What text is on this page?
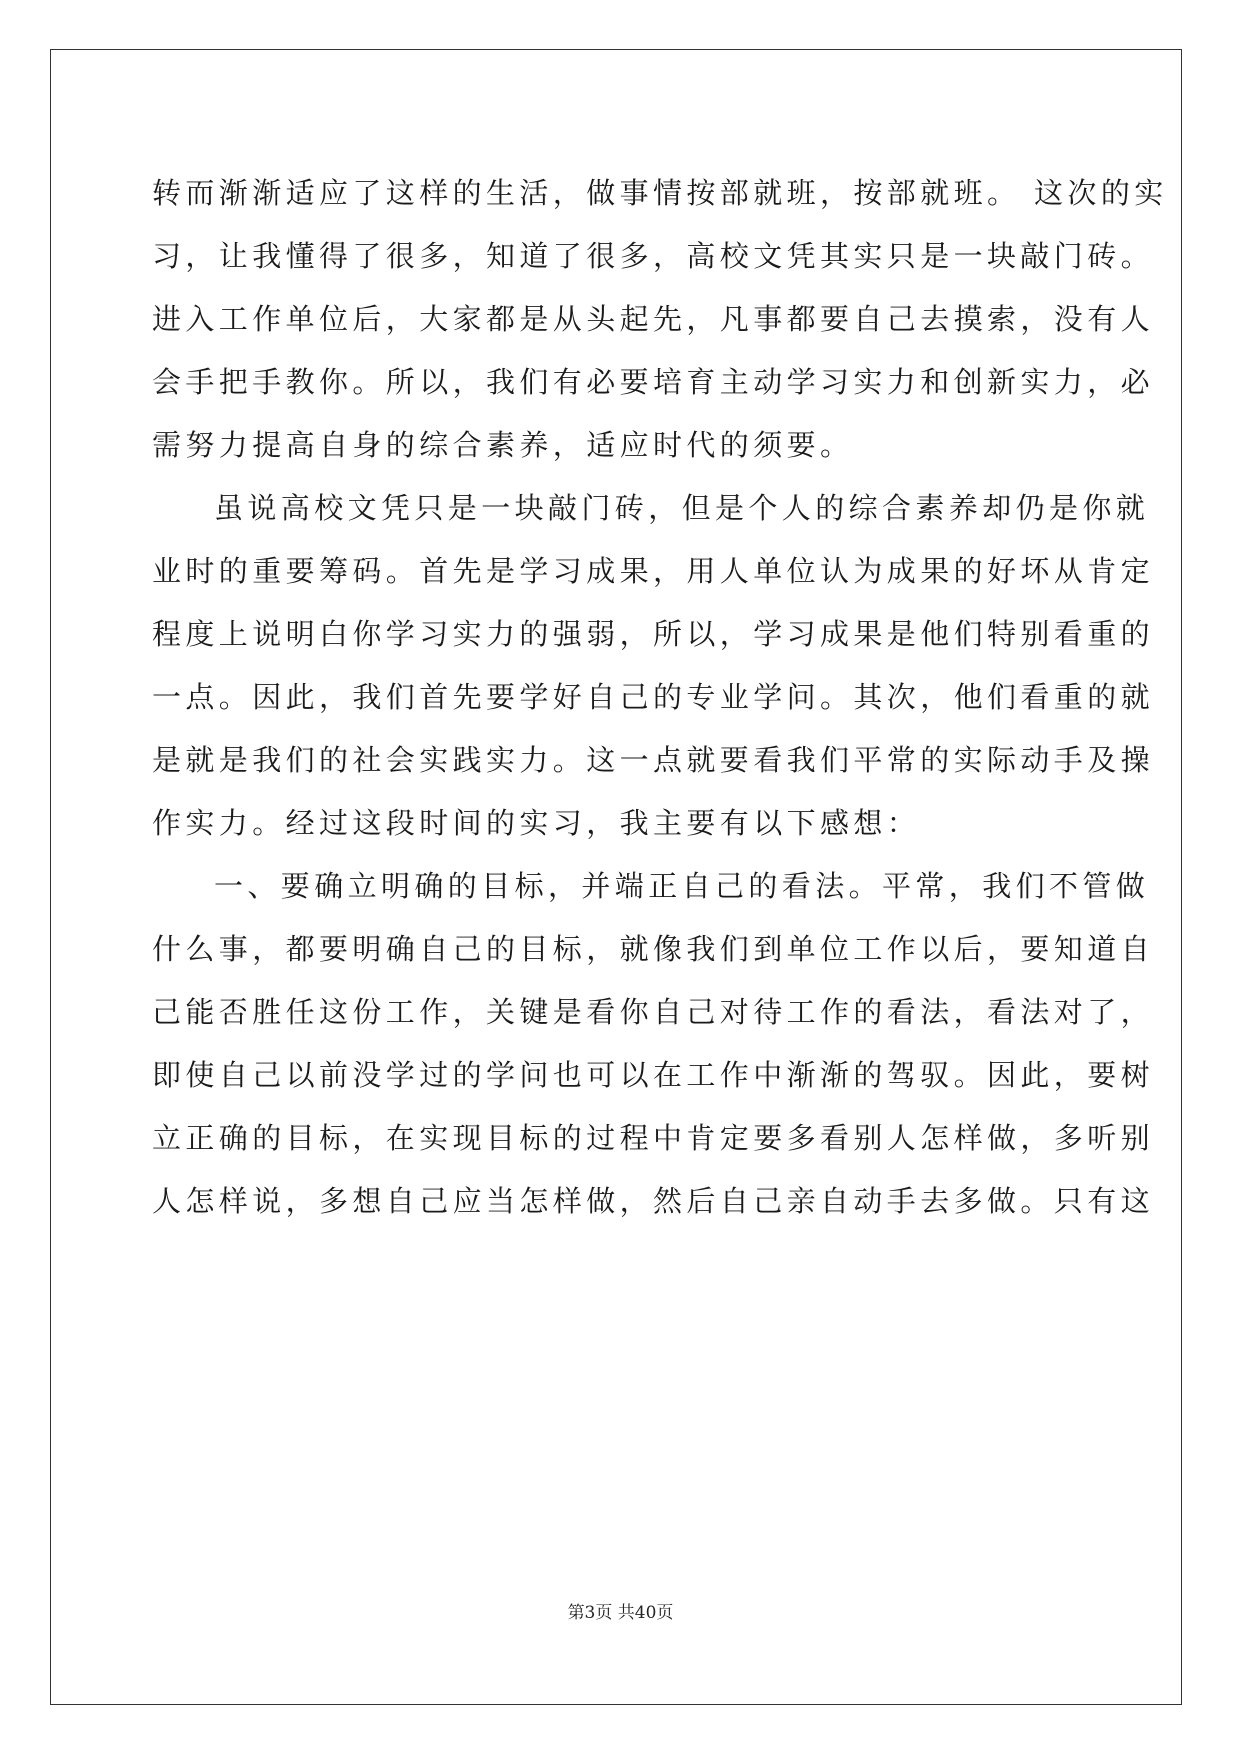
转而渐渐适应了这样的生活，做事情按部就班，按部就班。 这次的实
习，让我懂得了很多，知道了很多，高校文凭其实只是一块敲门砖。
进入工作单位后，大家都是从头起先，凡事都要自己去摸索，没有人
会手把手教你。所以，我们有必要培育主动学习实力和创新实力，必
需努力提高自身的综合素养，适应时代的须要。
虽说高校文凭只是一块敲门砖，但是个人的综合素养却仍是你就
业时的重要筹码。首先是学习成果，用人单位认为成果的好坏从肯定
程度上说明白你学习实力的强弱，所以，学习成果是他们特别看重的
一点。因此，我们首先要学好自己的专业学问。其次，他们看重的就
是就是我们的社会实践实力。这一点就要看我们平常的实际动手及操
作实力。经过这段时间的实习，我主要有以下感想：
一、要确立明确的目标，并端正自己的看法。平常，我们不管做
什么事，都要明确自己的目标，就像我们到单位工作以后，要知道自
己能否胜任这份工作，关键是看你自己对待工作的看法，看法对了，
即使自己以前没学过的学问也可以在工作中渐渐的驾驭。因此，要树
立正确的目标，在实现目标的过程中肯定要多看别人怎样做，多听别
人怎样说，多想自己应当怎样做，然后自己亲自动手去多做。只有这
第3页 共40页
